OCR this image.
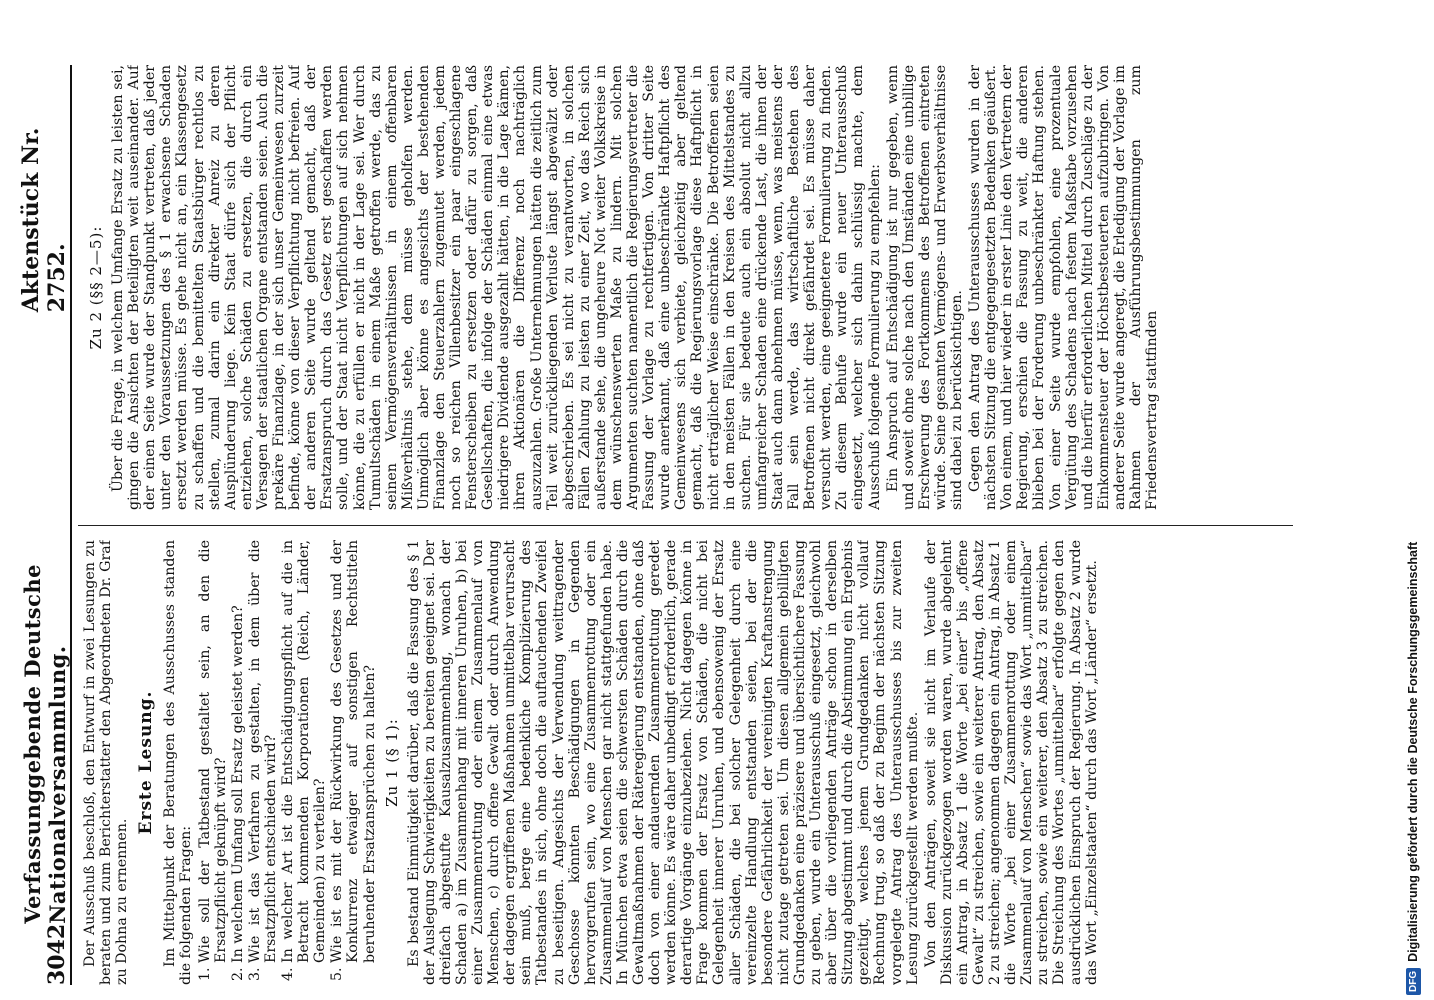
3042
Verfassunggebende Deutsche Nationalversammlung.
Aktenstück Nr. 2752.

Der Ausschuß beschloß, den Entwurf in zwei Lesungen zu beraten und zum Berichterstatter den Abgeordneten Dr. Graf zu Dohna zu ernennen.

Erste Lesung. Im Mittelpunkt der Beratungen des Ausschusses standen die folgenden Fragen: 1. Wie soll der Tatbestand gestaltet sein, an den die Ersatzpflicht geknüpft wird? 2. In welchem Umfang soll Ersatz geleistet werden? 3. Wie ist das Verfahren zu gestalten, in dem über die Ersatzpflicht entschieden wird? 4. In welcher Art ist die Entschädigungspflicht auf die in Betracht kommenden Korporationen (Reich, Länder, Gemeinden) zu verteilen? 5. Wie ist es mit der Rückwirkung des Gesetzes und der Konkurrenz etwaiger auf sonstigen Rechtstiteln beruhender Ersatzansprüchen zu halten? Zu 1 (§ 1): Es bestand Einmütigkeit darüber, daß die Fassung des § 1 der Auslegung Schwierigkeiten zu bereiten geeignet sei. Der dreifach abgestufte Kausalzusammenhang, wonach der Schaden a) im Zusammenhang mit inneren Unruhen, b) bei einer Zusammenrottung oder einem Zusammenlauf von Menschen, c) durch offene Gewalt oder durch Anwendung der dagegen ergriffenen Maßnahmen unmittelbar verursacht sein muß, berge eine bedenkliche Komplizierung des Tatbestandes in sich, ohne doch die auftauchenden Zweifel zu beseitigen. Angesichts der Verwendung weittragender Geschosse könnten Beschädigungen in Gegenden hervorgerufen sein, wo eine Zusammenrottung oder ein Zusammenlauf von Menschen gar nicht stattgefunden habe. In München etwa seien die schwersten Schäden durch die Gewaltmaßnahmen der Räteregierung entstanden, ohne daß doch von einer andauernden Zusammenrottung geredet werden könne. Es wäre daher unbedingt erforderlich, gerade derartige Vorgänge einzubeziehen. Nicht dagegen könne in Frage kommen der Ersatz von Schäden, die nicht bei Gelegenheit innerer Unruhen, und ebensowenig der Ersatz aller Schäden, die bei solcher Gelegenheit durch eine vereinzelte Handlung entstanden seien, bei der die besondere Gefährlichkeit der vereinigten Kraftanstrengung nicht zutage getreten sei. Um diesen allgemein gebilligten Grundgedanken eine präzisere und übersichtlichere Fassung zu geben, wurde ein Unterausschuß eingesetzt, gleichwohl aber über die vorliegenden Anträge schon in derselben Sitzung abgestimmt und durch die Abstimmung ein Ergebnis gezeitigt, welches jenem Grundgedanken nicht vollauf Rechnung trug, so daß der zu Beginn der nächsten Sitzung vorgelegte Antrag des Unterausschusses bis zur zweiten Lesung zurückgestellt werden mußte. Von den Anträgen, soweit sie nicht im Verlaufe der Diskussion zurückgezogen worden waren, wurde abgelehnt ein Antrag, in Absatz 1 die Worte „bei einer“ bis „offene Gewalt“ zu streichen, sowie ein weiterer Antrag, den Absatz 2 zu streichen; angenommen dagegen ein Antrag, in Absatz 1 die Worte „bei einer Zusammenrottung oder einem Zusammenlauf von Menschen“ sowie das Wort „unmittelbar“ zu streichen, sowie ein weiterer, den Absatz 3 zu streichen. Die Streichung des Wortes „unmittelbar“ erfolgte gegen den ausdrücklichen Einspruch der Regierung. In Absatz 2 wurde das Wort „Einzelstaaten“ durch das Wort „Länder“ ersetzt.

Zu 2 (§§ 2—5): Über die Frage, in welchem Umfange Ersatz zu leisten sei, gingen die Ansichten der Beteiligten weit auseinander. Auf der einen Seite wurde der Standpunkt vertreten, daß jeder unter den Voraussetzungen des § 1 erwachsene Schaden ersetzt werden müsse. Es gehe nicht an, ein Klassengesetz zu schaffen und die bemittelten Staatsbürger rechtlos zu stellen, zumal darin ein direkter Anreiz zu deren Ausplünderung liege. Kein Staat dürfe sich der Pflicht entziehen, solche Schäden zu ersetzen, die durch ein Versagen der staatlichen Organe entstanden seien. Auch die prekäre Finanzlage, in der sich unser Gemeinwesen zurzeit befinde, könne von dieser Verpflichtung nicht befreien. Auf der anderen Seite wurde geltend gemacht, daß der Ersatzanspruch durch das Gesetz erst geschaffen werden solle, und der Staat nicht Verpflichtungen auf sich nehmen könne, die zu erfüllen er nicht in der Lage sei. Wer durch Tumultschäden in einem Maße getroffen werde, das zu seinen Vermögensverhältnissen in einem offenbaren Mißverhältnis stehe, dem müsse geholfen werden. Unmöglich aber könne es angesichts der bestehenden Finanzlage den Steuerzahlern zugemutet werden, jedem noch so reichen Villenbesitzer ein paar eingeschlagene Fensterscheiben zu ersetzen oder dafür zu sorgen, daß Gesellschaften, die infolge der Schäden einmal eine etwas niedrigere Dividende ausgezahlt hätten, in die Lage kämen, ihren Aktionären die Differenz noch nachträglich auszuzahlen. Große Unternehmungen hätten die zeitlich zum Teil weit zurückliegenden Verluste längst abgewälzt oder abgeschrieben. Es sei nicht zu verantworten, in solchen Fällen Zahlung zu leisten zu einer Zeit, wo das Reich sich außerstande sehe, die ungeheure Not weiter Volkskreise in dem wünschenswerten Maße zu lindern. Mit solchen Argumenten suchten namentlich die Regierungsvertreter die Fassung der Vorlage zu rechtfertigen. Von dritter Seite wurde anerkannt, daß eine unbeschränkte Haftpflicht des Gemeinwesens sich verbiete, gleichzeitig aber geltend gemacht, daß die Regierungsvorlage diese Haftpflicht in nicht erträglicher Weise einschränke. Die Betroffenen seien in den meisten Fällen in den Kreisen des Mittelstandes zu suchen. Für sie bedeute auch ein absolut nicht allzu umfangreicher Schaden eine drückende Last, die ihnen der Staat auch dann abnehmen müsse, wenn, was meistens der Fall sein werde, das wirtschaftliche Bestehen des Betroffenen nicht direkt gefährdet sei. Es müsse daher versucht werden, eine geeignetere Formulierung zu finden. Zu diesem Behufe wurde ein neuer Unterausschuß eingesetzt, welcher sich dahin schlüssig machte, dem Ausschuß folgende Formulierung zu empfehlen: Ein Anspruch auf Entschädigung ist nur gegeben, wenn und soweit ohne solche nach den Umständen eine unbillige Erschwerung des Fortkommens des Betroffenen eintreten würde. Seine gesamten Vermögens- und Erwerbsverhältnisse sind dabei zu berücksichtigen. Gegen den Antrag des Unterausschusses wurden in der nächsten Sitzung die entgegengesetzten Bedenken geäußert. Von einem, und hier wieder in erster Linie den Vertretern der Regierung, erschien die Fassung zu weit, die anderen blieben bei der Forderung unbeschränkter Haftung stehen. Von einer Seite wurde empfohlen, eine prozentuale Vergütung des Schadens nach festem Maßstabe vorzusehen und die hierfür erforderlichen Mittel durch Zuschläge zu der Einkommensteuer der Höchstbesteuerten aufzubringen. Von anderer Seite wurde angeregt, die Erledigung der Vorlage im Rahmen der Ausführungsbestimmungen zum Friedensvertrag stattfinden

DFG
Digitalisierung gefördert durch die Deutsche Forschungsgemeinschaft
